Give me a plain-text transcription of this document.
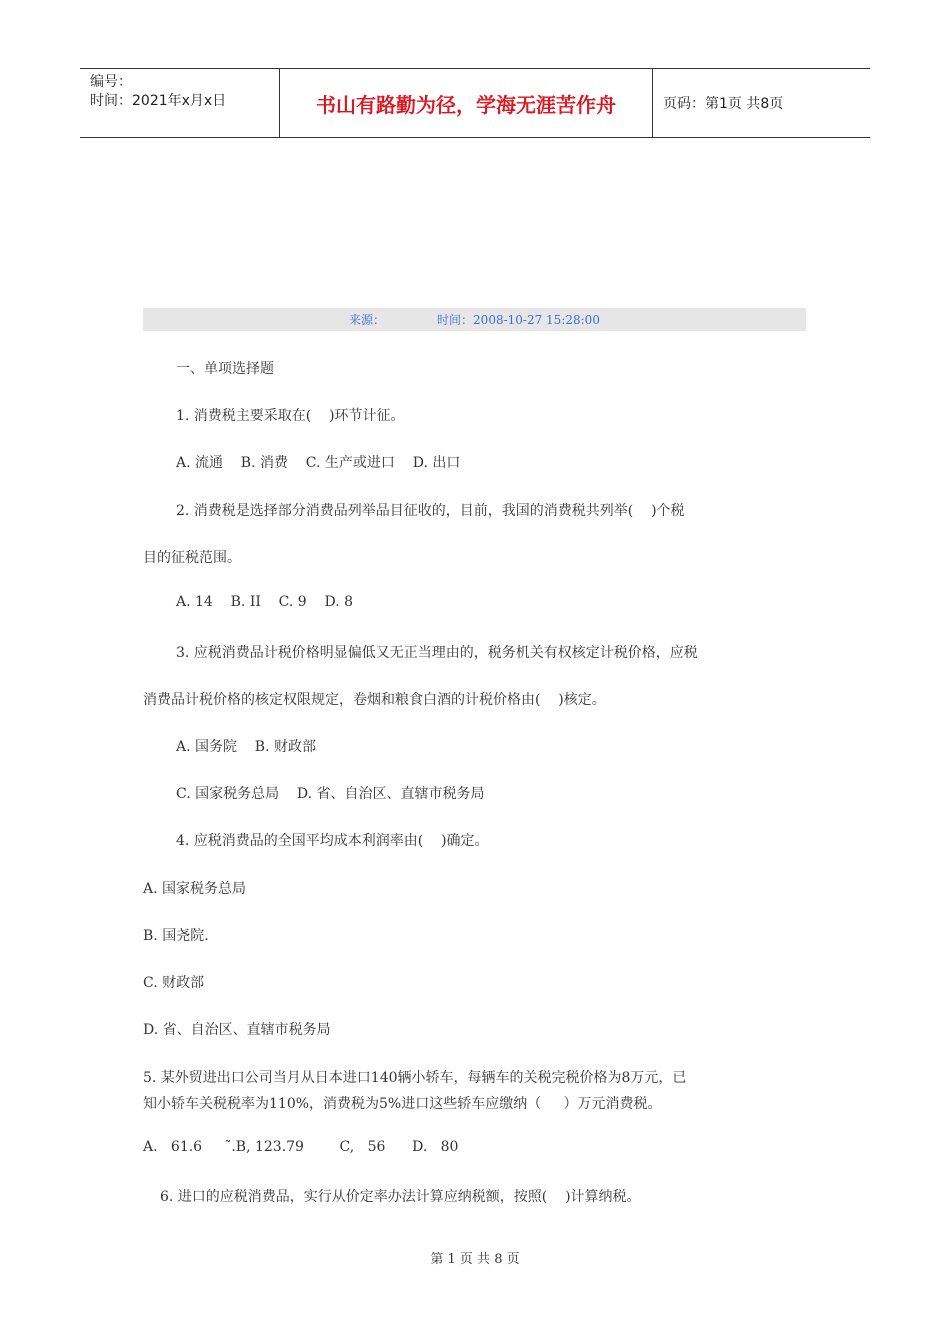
编号：
时间：2021年x月x日	书山有路勤为径，学海无涯苦作舟	页码：第1页 共8页
来源：	时间：2008-10-27 15:28:00
一、单项选择题
1. 消费税主要采取在(    )环节计征。
A. 流通    B. 消费    C. 生产或进口    D. 出口
2. 消费税是选择部分消费品列举品目征收的，目前，我国的消费税共列举(    )个税
目的征税范围。
A. 14    B. II    C. 9    D. 8
3. 应税消费品计税价格明显偏低又无正当理由的，税务机关有权核定计税价格，应税
消费品计税价格的核定权限规定，卷烟和粮食白酒的计税价格由(    )核定。
A. 国务院    B. 财政部
C. 国家税务总局    D. 省、自治区、直辖市税务局
4. 应税消费品的全国平均成本利润率由(    )确定。
A. 国家税务总局
B. 国尧院.
C. 财政部
D. 省、自治区、直辖市税务局
5. 某外贸进出口公司当月从日本进口140辆小轿车，每辆车的关税完税价格为8万元，已
知小轿车关税税率为110%，消费税为5%进口这些轿车应缴纳（     ）万元消费税。
A.   61.6     ˜.B, 123.79        C,   56      D.   80
6. 进口的应税消费品，实行从价定率办法计算应纳税额，按照(    )计算纳税。
第 1 页 共 8 页
